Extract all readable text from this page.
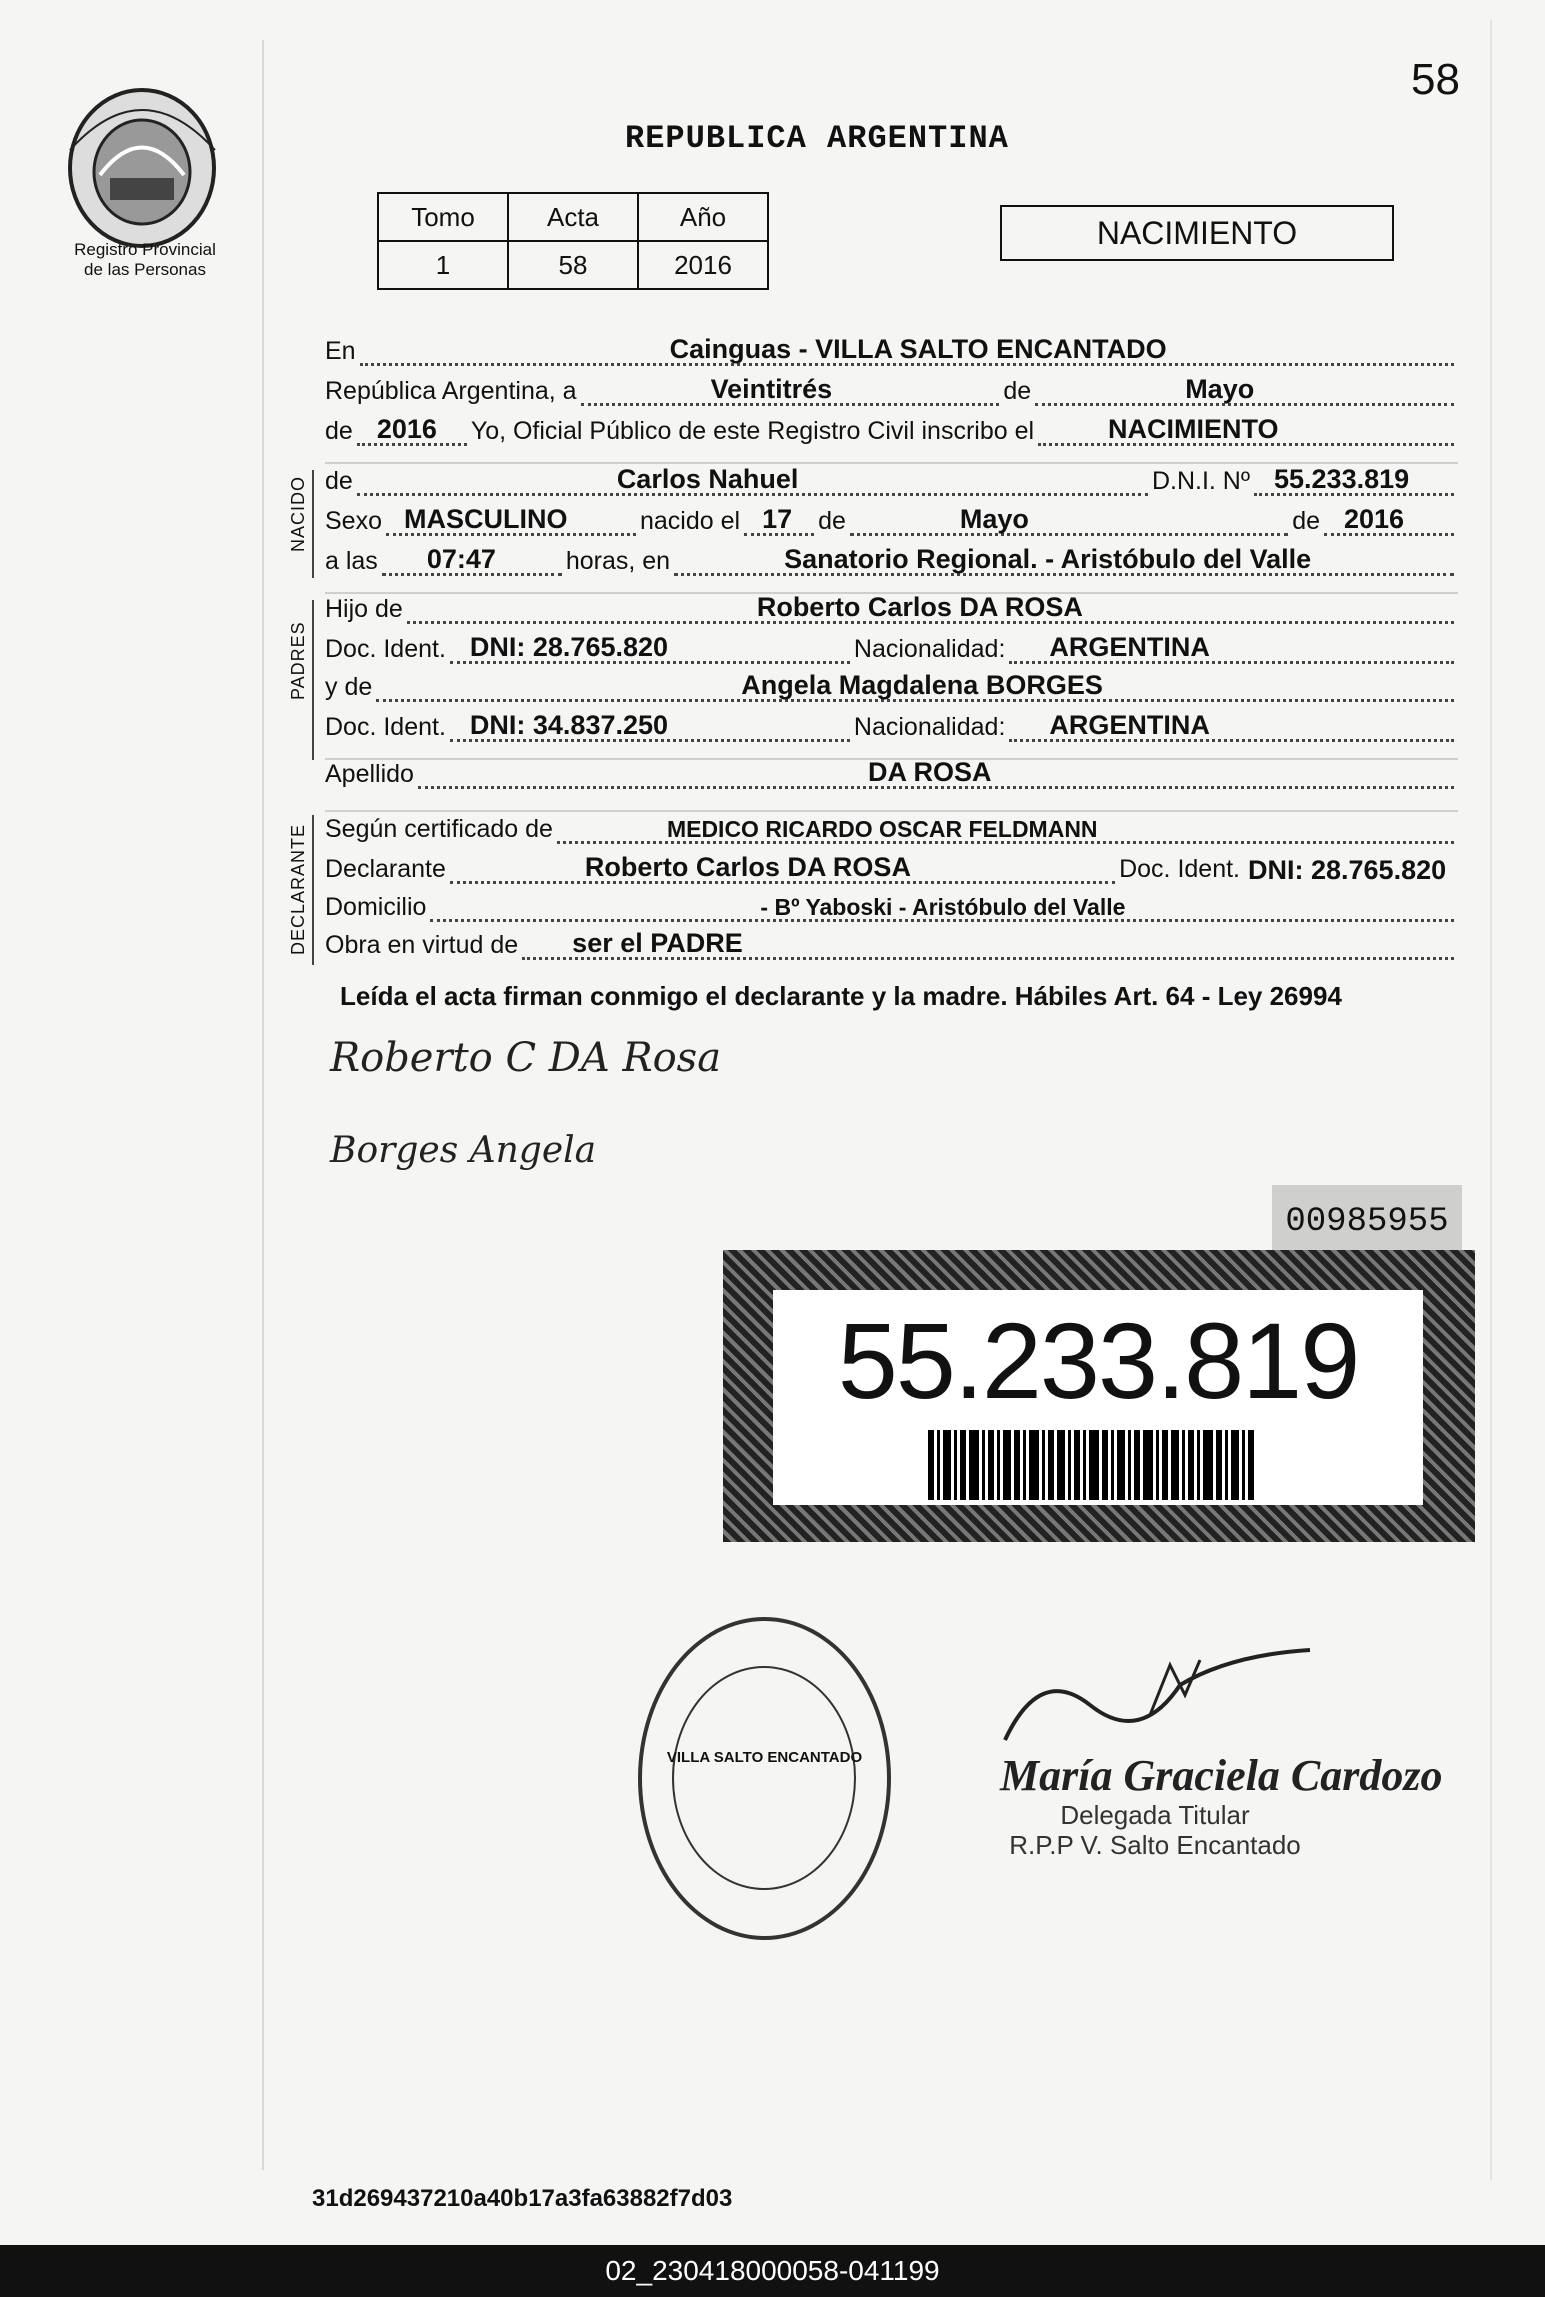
58
Registro Provincial
de las Personas
REPUBLICA ARGENTINA
Tomo	Acta	Año
1	58	2016
NACIMIENTO
En	Cainguas - VILLA SALTO ENCANTADO
República Argentina, a	Veintitrés	de	Mayo
de 2016 Yo, Oficial Público de este Registro Civil inscribo el	NACIMIENTO
NACIDO de	Carlos Nahuel	D.N.I. Nº 55.233.819
Sexo MASCULINO	nacido el 17 de	Mayo	de 2016
a las 07:47	horas, en	Sanatorio Regional. - Aristóbulo del Valle
PADRES
Hijo de	Roberto Carlos DA ROSA
Doc. Ident. DNI: 28.765.820	Nacionalidad: ARGENTINA
y de	Angela Magdalena BORGES
Doc. Ident. DNI: 34.837.250	Nacionalidad: ARGENTINA
Apellido	DA ROSA
DECLARANTE Según certificado de	MEDICO RICARDO OSCAR FELDMANN
Declarante	Roberto Carlos DA ROSA	Doc. Ident. DNI: 28.765.820
Domicilio	- Bº Yaboski - Aristóbulo del Valle
Obra en virtud de ser el PADRE
Leída el acta firman conmigo el declarante y la madre. Hábiles Art. 64 - Ley 26994
Roberto C DA Rosa
Borges Angela
00985955
55.233.819
VILLA SALTO ENCANTADO	María Graciela Cardozo
Delegada Titular
R.P.P V. Salto Encantado
31d269437210a40b17a3fa63882f7d03
02_230418000058-041199
